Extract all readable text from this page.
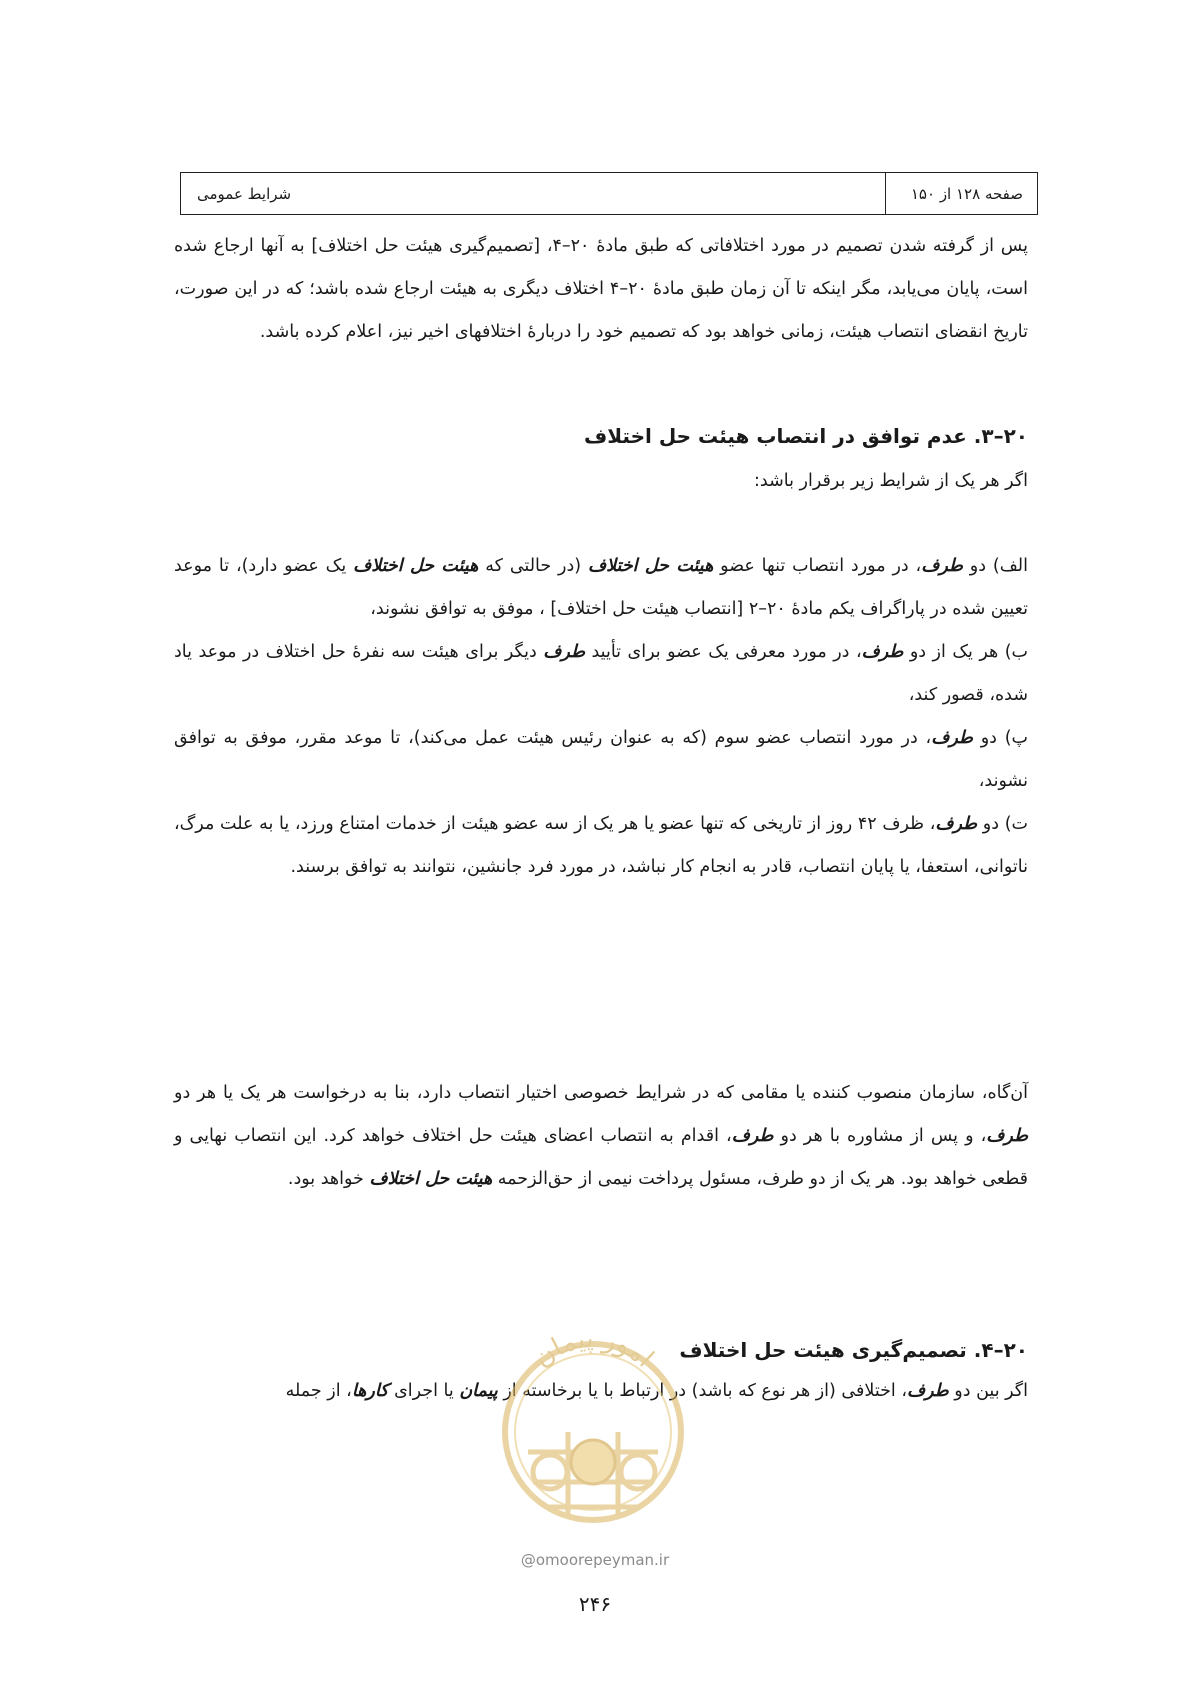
صفحه ۱۲۸ از ۱۵۰
شرایط عمومی

پس از گرفته شدن تصمیم در مورد اختلافاتی که طبق مادهٔ ۲۰–۴، [تصمیم‌گیری هیئت حل اختلاف] به آنها ارجاع شده است، پایان می‌یابد، مگر اینکه تا آن زمان طبق مادهٔ ۲۰–۴ اختلاف دیگری به هیئت ارجاع شده باشد؛ که در این صورت، تاریخ انقضای انتصاب هیئت، زمانی خواهد بود که تصمیم خود را دربارهٔ اختلافهای اخیر نیز، اعلام کرده باشد.

۲۰–۳. عدم توافق در انتصاب هیئت حل اختلاف

اگر هر یک از شرایط زیر برقرار باشد:

الف) دو طرف، در مورد انتصاب تنها عضو هیئت حل اختلاف (در حالتی که هیئت حل اختلاف یک عضو دارد)، تا موعد تعیین شده در پاراگراف یکم مادهٔ ۲۰–۲ [انتصاب هیئت حل اختلاف] ، موفق به توافق نشوند،

ب) هر یک از دو طرف، در مورد معرفی یک عضو برای تأیید طرف دیگر برای هیئت سه نفرهٔ حل اختلاف در موعد یاد شده، قصور کند،

پ) دو طرف، در مورد انتصاب عضو سوم (که به عنوان رئیس هیئت عمل می‌کند)، تا موعد مقرر، موفق به توافق نشوند،

ت) دو طرف، ظرف ۴۲ روز از تاریخی که تنها عضو یا هر یک از سه عضو هیئت از خدمات امتناع ورزد، یا به علت مرگ، ناتوانی، استعفا، یا پایان انتصاب، قادر به انجام کار نباشد، در مورد فرد جانشین، نتوانند به توافق برسند.

آن‌گاه، سازمان منصوب کننده یا مقامی که در شرایط خصوصی اختیار انتصاب دارد، بنا به درخواست هر یک یا هر دو طرف، و پس از مشاوره با هر دو طرف، اقدام به انتصاب اعضای هیئت حل اختلاف خواهد کرد. این انتصاب نهایی و قطعی خواهد بود. هر یک از دو طرف، مسئول پرداخت نیمی از حق‌الزحمه هیئت حل اختلاف خواهد بود.

۲۰–۴. تصمیم‌گیری هیئت حل اختلاف

اگر بین دو طرف، اختلافی (از هر نوع که باشد) در ارتباط با یا برخاسته از پیمان یا اجرای کارها، از جمله

امور پیمان
@omoorepeyman.ir
۲۴۶
